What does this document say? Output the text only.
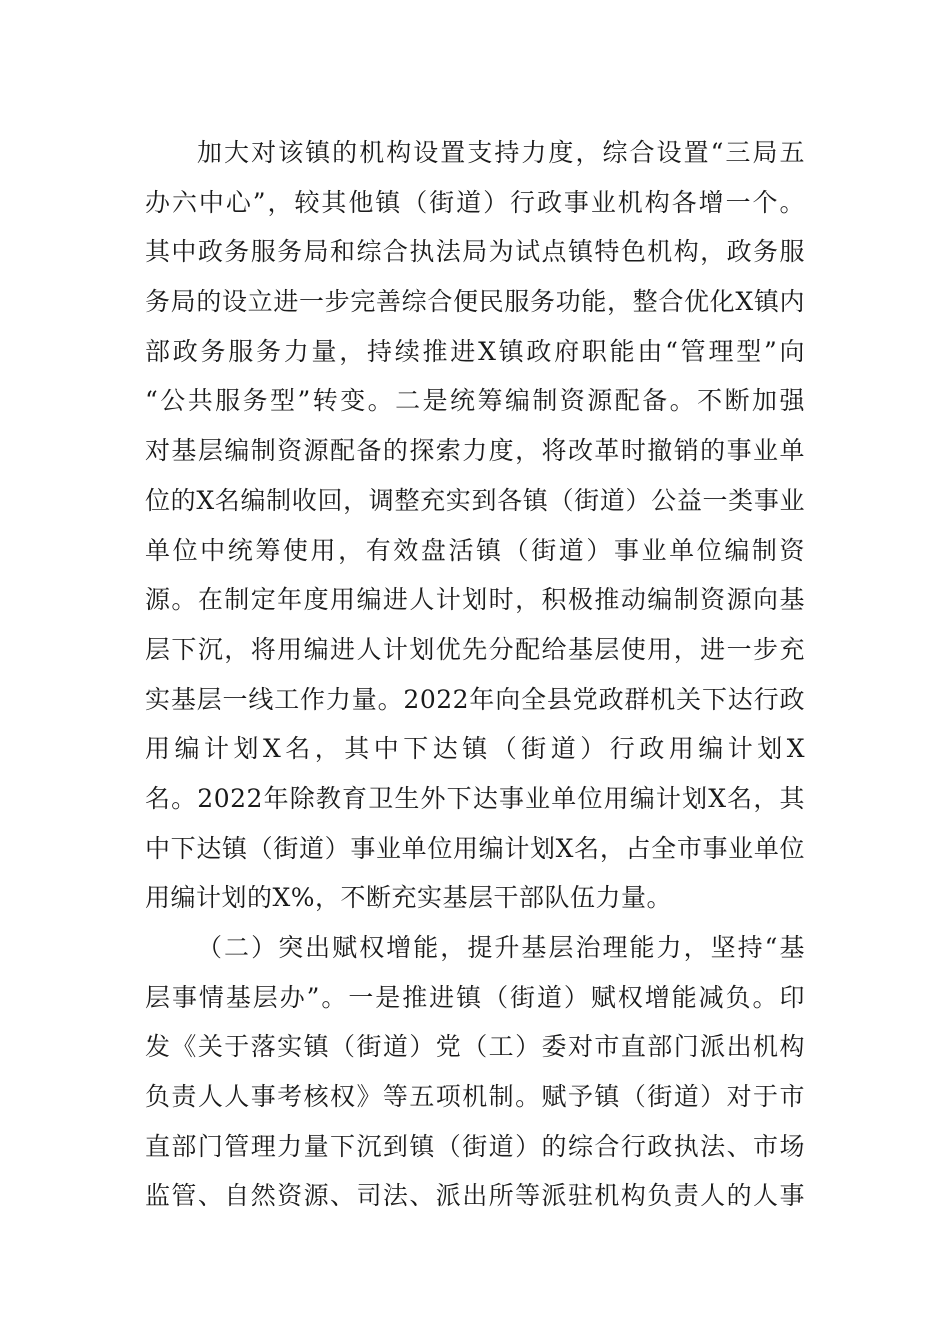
加大对该镇的机构设置支持力度，综合设置“三局五
办六中心”，较其他镇（街道）行政事业机构各增一个。
其中政务服务局和综合执法局为试点镇特色机构，政务服
务局的设立进一步完善综合便民服务功能，整合优化X镇内
部政务服务力量，持续推进X镇政府职能由“管理型”向
“公共服务型”转变。二是统筹编制资源配备。不断加强
对基层编制资源配备的探索力度，将改革时撤销的事业单
位的X名编制收回，调整充实到各镇（街道）公益一类事业
单位中统筹使用，有效盘活镇（街道）事业单位编制资
源。在制定年度用编进人计划时，积极推动编制资源向基
层下沉，将用编进人计划优先分配给基层使用，进一步充
实基层一线工作力量。2022年向全县党政群机关下达行政
用编计划X名，其中下达镇（街道）行政用编计划X
名。2022年除教育卫生外下达事业单位用编计划X名，其
中下达镇（街道）事业单位用编计划X名，占全市事业单位
用编计划的X%，不断充实基层干部队伍力量。
（二）突出赋权增能，提升基层治理能力，坚持“基
层事情基层办”。一是推进镇（街道）赋权增能减负。印
发《关于落实镇（街道）党（工）委对市直部门派出机构
负责人人事考核权》等五项机制。赋予镇（街道）对于市
直部门管理力量下沉到镇（街道）的综合行政执法、市场
监管、自然资源、司法、派出所等派驻机构负责人的人事
